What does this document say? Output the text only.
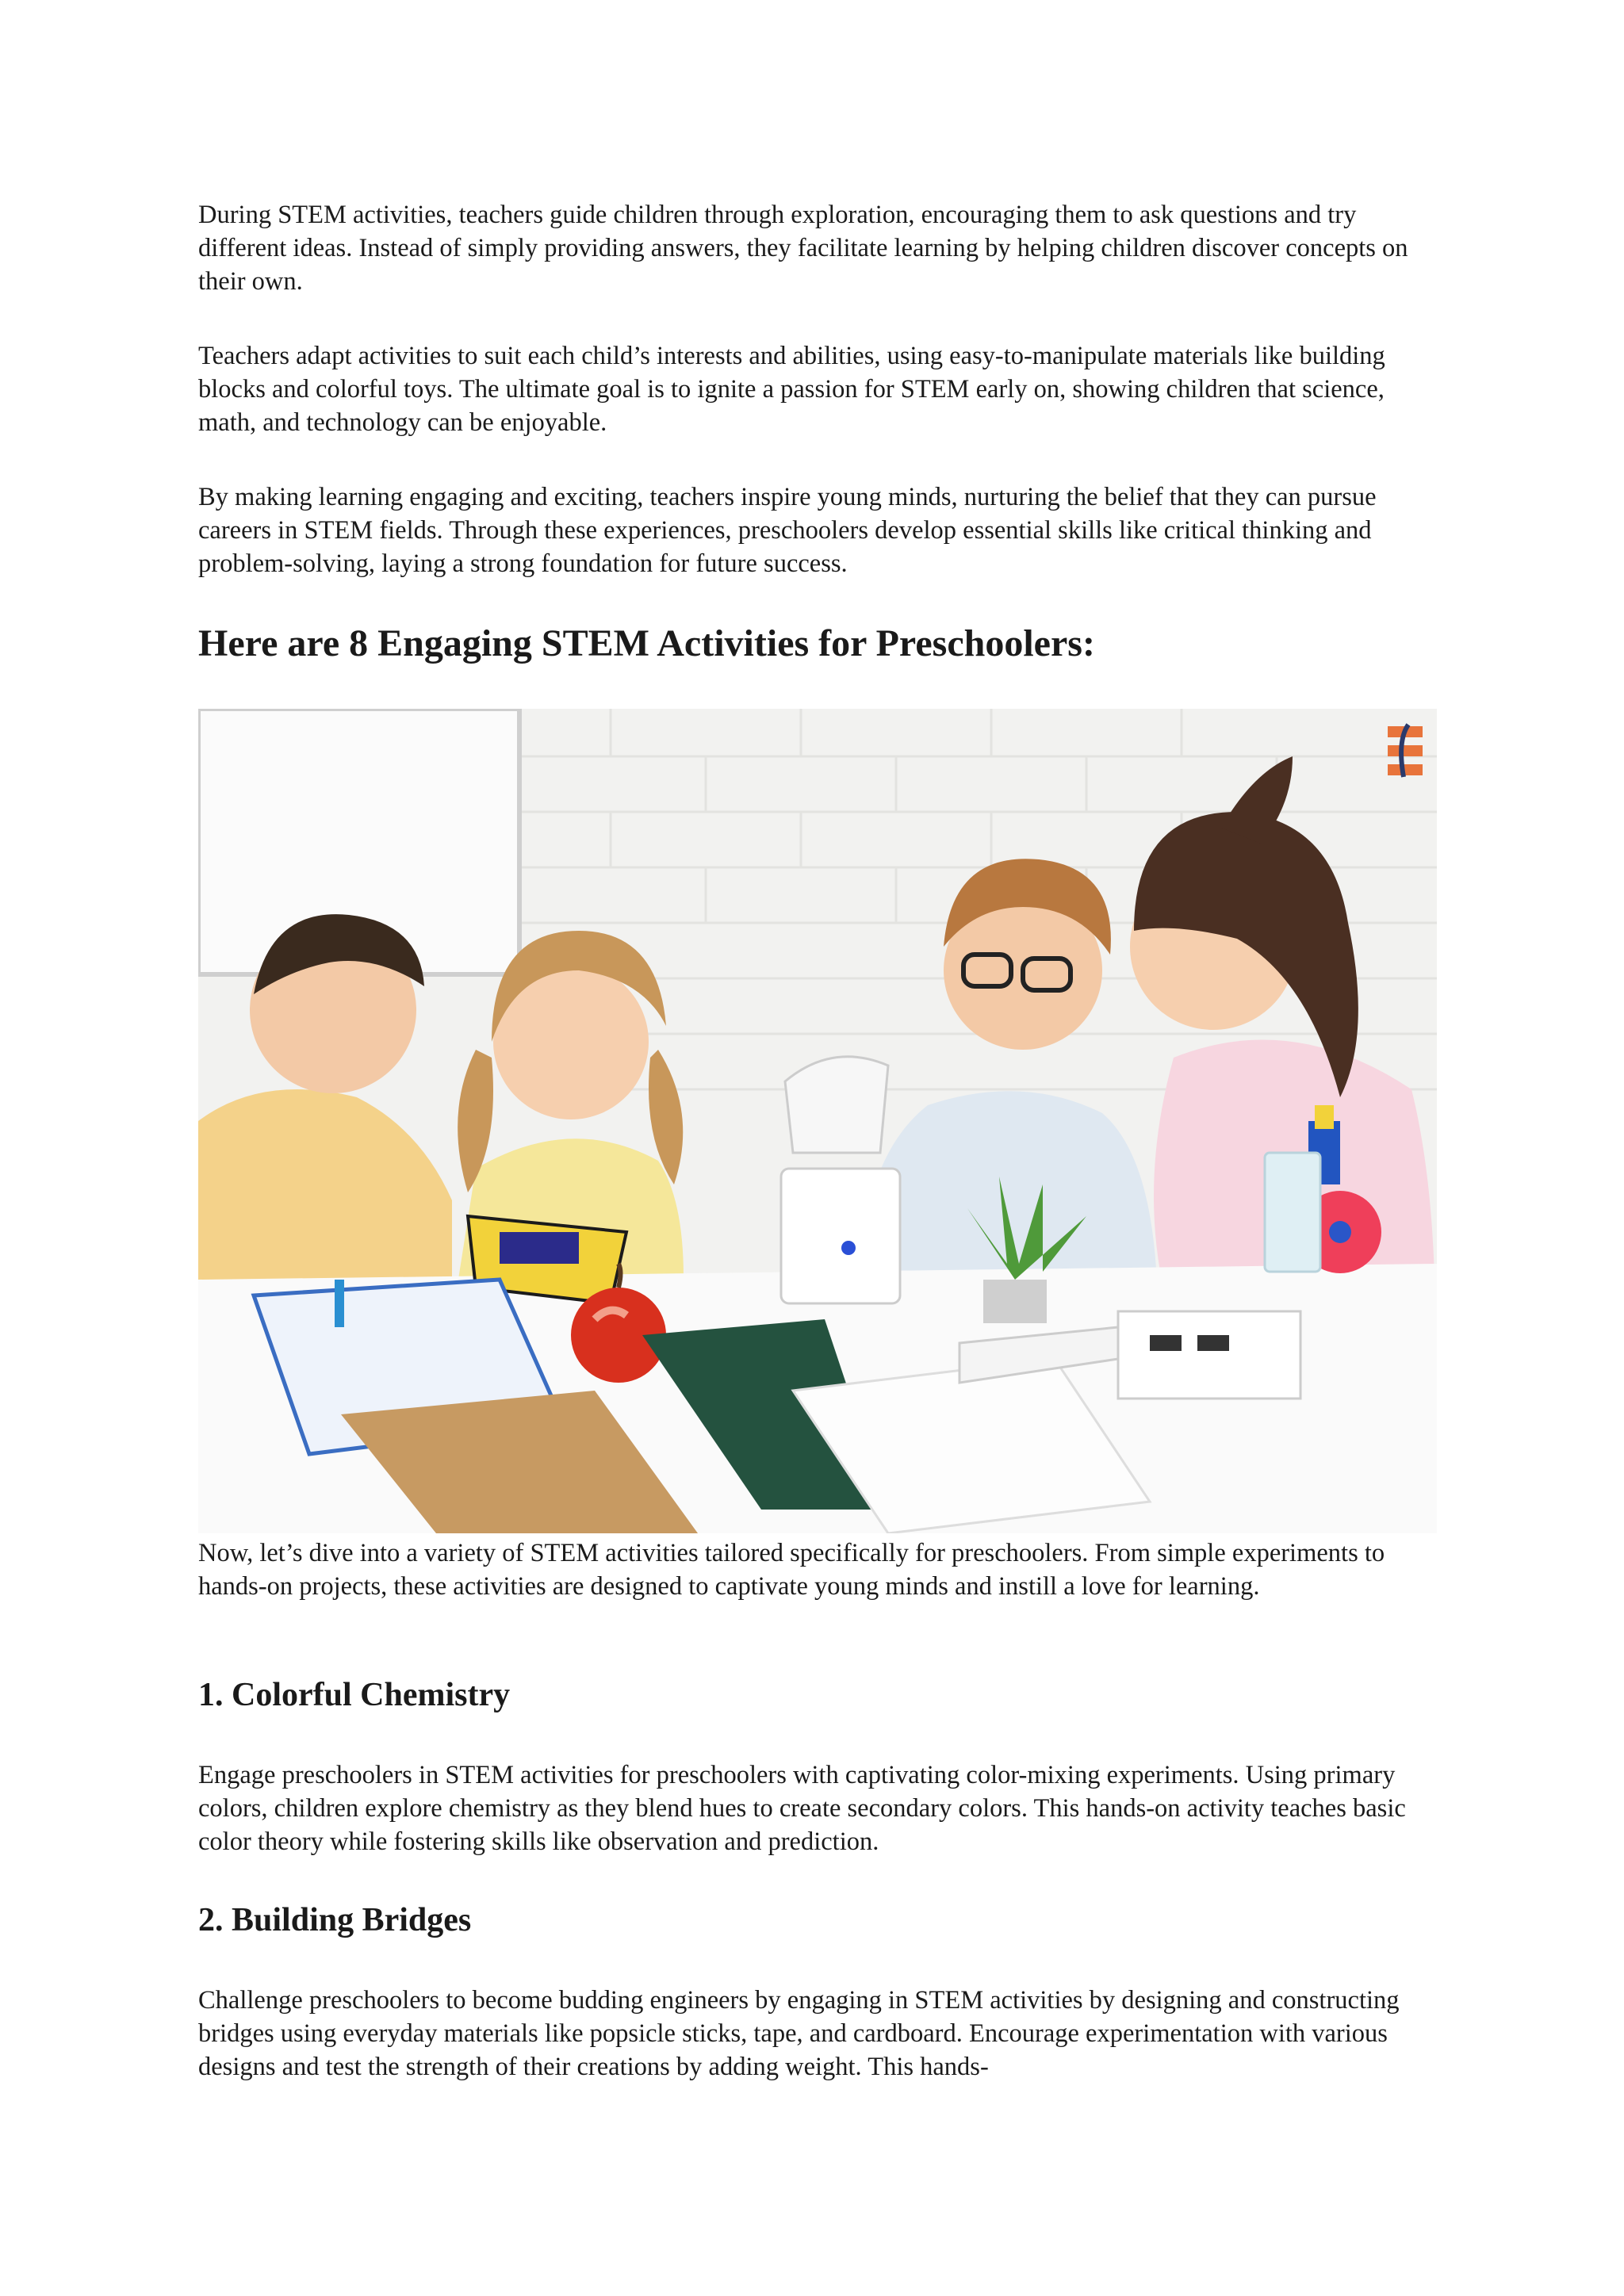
During STEM activities, teachers guide children through exploration, encouraging them to ask questions and try different ideas. Instead of simply providing answers, they facilitate learning by helping children discover concepts on their own.

Teachers adapt activities to suit each child’s interests and abilities, using easy-to-manipulate materials like building blocks and colorful toys. The ultimate goal is to ignite a passion for STEM early on, showing children that science, math, and technology can be enjoyable.

By making learning engaging and exciting, teachers inspire young minds, nurturing the belief that they can pursue careers in STEM fields. Through these experiences, preschoolers develop essential skills like critical thinking and problem-solving, laying a strong foundation for future success.

Here are 8 Engaging STEM Activities for Preschoolers:

Now, let’s dive into a variety of STEM activities tailored specifically for preschoolers. From simple experiments to hands-on projects, these activities are designed to captivate young minds and instill a love for learning.

1. Colorful Chemistry

Engage preschoolers in STEM activities for preschoolers with captivating color-mixing experiments. Using primary colors, children explore chemistry as they blend hues to create secondary colors. This hands-on activity teaches basic color theory while fostering skills like observation and prediction.

2. Building Bridges

Challenge preschoolers to become budding engineers by engaging in STEM activities by designing and constructing bridges using everyday materials like popsicle sticks, tape, and cardboard. Encourage experimentation with various designs and test the strength of their creations by adding weight. This hands-
